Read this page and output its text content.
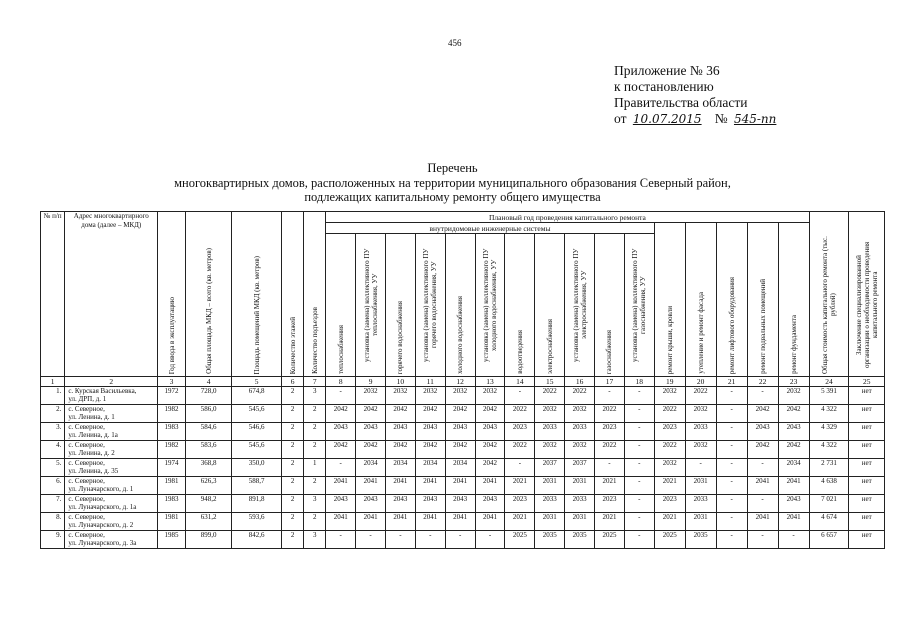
456
Приложение № 36
к постановлению
Правительства области
от 10.07.2015 № 545-пп
Перечень
многоквартирных домов, расположенных на территории муниципального образования Северный район,
подлежащих капитальному ремонту общего имущества
№ п/п	Адрес многоквартирного дома (далее – МКД)	Год ввода в эксплуатацию	Общая площадь МКД – всего (кв. метров)	Площадь помещений МКД (кв. метров)	Количество этажей	Количество подъездов	Плановый год проведения капитального ремонта																Общая стоимость капитального ремонта (тыс. рублей)	Заключение специализированной организации о необходимости проведения капитального ремонта
							внутридомовые инженерные системы											ремонт крыши, кровли	утепление и ремонт фасада	ремонт лифтового оборудования	ремонт подвальных помещений	ремонт фундамента		
							теплоснабжения	установка (замена) коллективного ПУ теплоснабжения, УУ	горячего водоснабжения	установка (замена) коллективного ПУ горячего водоснабжения, УУ	холодного водоснабжения	установка (замена) коллективного ПУ холодного водоснабжения, УУ	водоотведения	электроснабжения	установка (замена) коллективного ПУ электроснабжения, УУ	газоснабжения	установка (замена) коллективного ПУ газоснабжения, УУ							
1	2	3	4	5	6	7	8	9	10	11	12	13	14	15	16	17	18	19	20	21	22	23	24	25
1.	с. Курская Васильевка,
ул. ДРП, д. 1	1972	728,0	674,8	2	3	-	2032	2032	2032	2032	2032	-	2022	2022	-	-	2032	2022	-	-	2032	5 391	нет
2.	с. Северное,
ул. Ленина, д. 1	1982	586,0	545,6	2	2	2042	2042	2042	2042	2042	2042	2022	2032	2032	2022	-	2022	2032	-	2042	2042	4 322	нет
3.	с. Северное,
ул. Ленина, д. 1а	1983	584,6	546,6	2	2	2043	2043	2043	2043	2043	2043	2023	2033	2033	2023	-	2023	2033	-	2043	2043	4 329	нет
4.	с. Северное,
ул. Ленина, д. 2	1982	583,6	545,6	2	2	2042	2042	2042	2042	2042	2042	2022	2032	2032	2022	-	2022	2032	-	2042	2042	4 322	нет
5.	с. Северное,
ул. Ленина, д. 35	1974	368,8	350,0	2	1	-	2034	2034	2034	2034	2042	-	2037	2037	-	-	2032	-	-	-	2034	2 731	нет
6.	с. Северное,
ул. Луначарского, д. 1	1981	626,3	588,7	2	2	2041	2041	2041	2041	2041	2041	2021	2031	2031	2021	-	2021	2031	-	2041	2041	4 638	нет
7.	с. Северное,
ул. Луначарского, д. 1а	1983	948,2	891,8	2	3	2043	2043	2043	2043	2043	2043	2023	2033	2033	2023	-	2023	2033	-	-	2043	7 021	нет
8.	с. Северное,
ул. Луначарского, д. 2	1981	631,2	593,6	2	2	2041	2041	2041	2041	2041	2041	2021	2031	2031	2021	-	2021	2031	-	2041	2041	4 674	нет
9.	с. Северное,
ул. Луначарского, д. 3а	1985	899,0	842,6	2	3	-	-	-	-	-	-	2025	2035	2035	2025	-	2025	2035	-	-	-	6 657	нет
